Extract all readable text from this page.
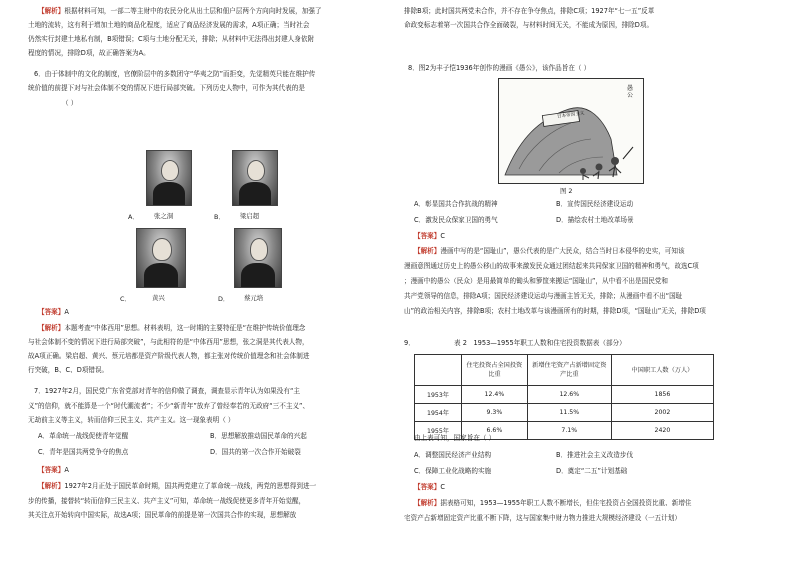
【解析】根据材料可知，一部二等主财中的农民分化从出土层和佃户层两个方向向时发展，加强了
土地的流转，这有利于增加土地的商品化程度，适应了商品经济发展的需求，A项正确；当时社会
仍然实行封建土地私有制，B项错误；C项与土地分配无关，排除；从材料中无法得出封建人身依附
程度的情况，排除D项，故正确答案为A。
6．由于体制中的文化的制度，官僚阶层中的多数团守“华夷之防”而拒变，先觉精英只能在维护传
统价值的前提下对与社会体制不变的情况下进行局部突破。下列历史人物中，可作为其代表的是
（ ）
A． 张之洞	B． 梁启超
C．	黄兴	D． 蔡元培
【答案】A
【解析】本题考查“中体西用”思想。材料表明，这一时期的主要特征是“在维护传统价值理念
与社会体制不变的情况下进行局部突破”，与此相符的是“中体西用”思想，张之洞是其代表人物，
故A项正确。梁启超、黄兴、蔡元培都是资产阶级代表人物，都主张对传统价值理念和社会体制进
行突破，B、C、D项错误。
7．1927年2月，国民党广东省党部对青年的信仰做了调查，调查显示青年认为如果没有“主
义”的信仰，就不能算是一个“时代潮流者”；不少“新青年”放弃了曾经奉若的无政府“三不主义”、
无劫前主义等主义，转而信仰三民主义、共产主义。这一现象表明（ ）
A．革命统一战线促使青年觉醒	B．思想解放推动国民革命的兴起
C．青年是国共两党争夺的焦点	D．国共的第一次合作开始破裂
【答案】A
【解析】1927年2月正处于国民革命时期，国共两党建立了革命统一战线，两党的思想得到进一
步的传播，接替转“转而信仰三民主义、共产主义”可知，革命统一战线促使更多青年开始觉醒，
其关注点开始转向中国实际，故选A项；国民革命的前提是第一次国共合作的实现，思想解放
排除B项；此时国共两党未合作，并不存在争夺焦点，排除C项；1927年“七一五”反革
命政变标志着第一次国共合作全面破裂，与材料时间无关，不能成为原因，排除D项。
8．图2为丰子恺1936年创作的漫画《愚公》，该作品旨在（ ）
日本帝国主义
愚公
图 2
A．彰显国共合作抗战的精神	B．宣传国民经济建设运动
C．激发民众保家卫国的勇气	D．描绘农村土地改革场景
【答案】C
【解析】漫画中写的是“国耻山”，愚公代表的是广大民众，结合当时日本侵华的史实，可知该
漫画意图通过历史上的愚公移山的故事来激发民众通过团结起来共同保家卫国的精神和勇气，故选C项
；漫画中的愚公（民众）是用最简单的锄头和箩筐来搬运“国耻山”，从中看不出是国民党和
共产党领导的信息，排除A项；国民经济建设运动与漫画主旨无关，排除；从漫画中看不出“国耻
山”的政治相关内容，排除B项；农村土地改革与该漫画所有的时期，排除D项，“国耻山”无关，排除D项
9．	表 2　1953—1955年职工人数和住宅投资数据表（部分）
	住宅投资占全国投资比重	新增住宅资产占新增固定资产比重	中国职工人数（万人）
1953年	12.4%	12.6%	1856
1954年	9.3%	11.5%	2002
1955年	6.6%	7.1%	2420
由上表可知，国家旨在（ ）
A．调整国民经济产业结构	B．推进社会主义改造步伐
C．保障工业化战略的实施	D．奠定“二五”计划基础
【答案】C
【解析】据表格可知，1953—1955年职工人数不断增长，但住宅投资占全国投资比重、新增住
宅资产占新增固定资产比重不断下降，这与国家集中财力物力推进大规模经济建设（一五计划）
